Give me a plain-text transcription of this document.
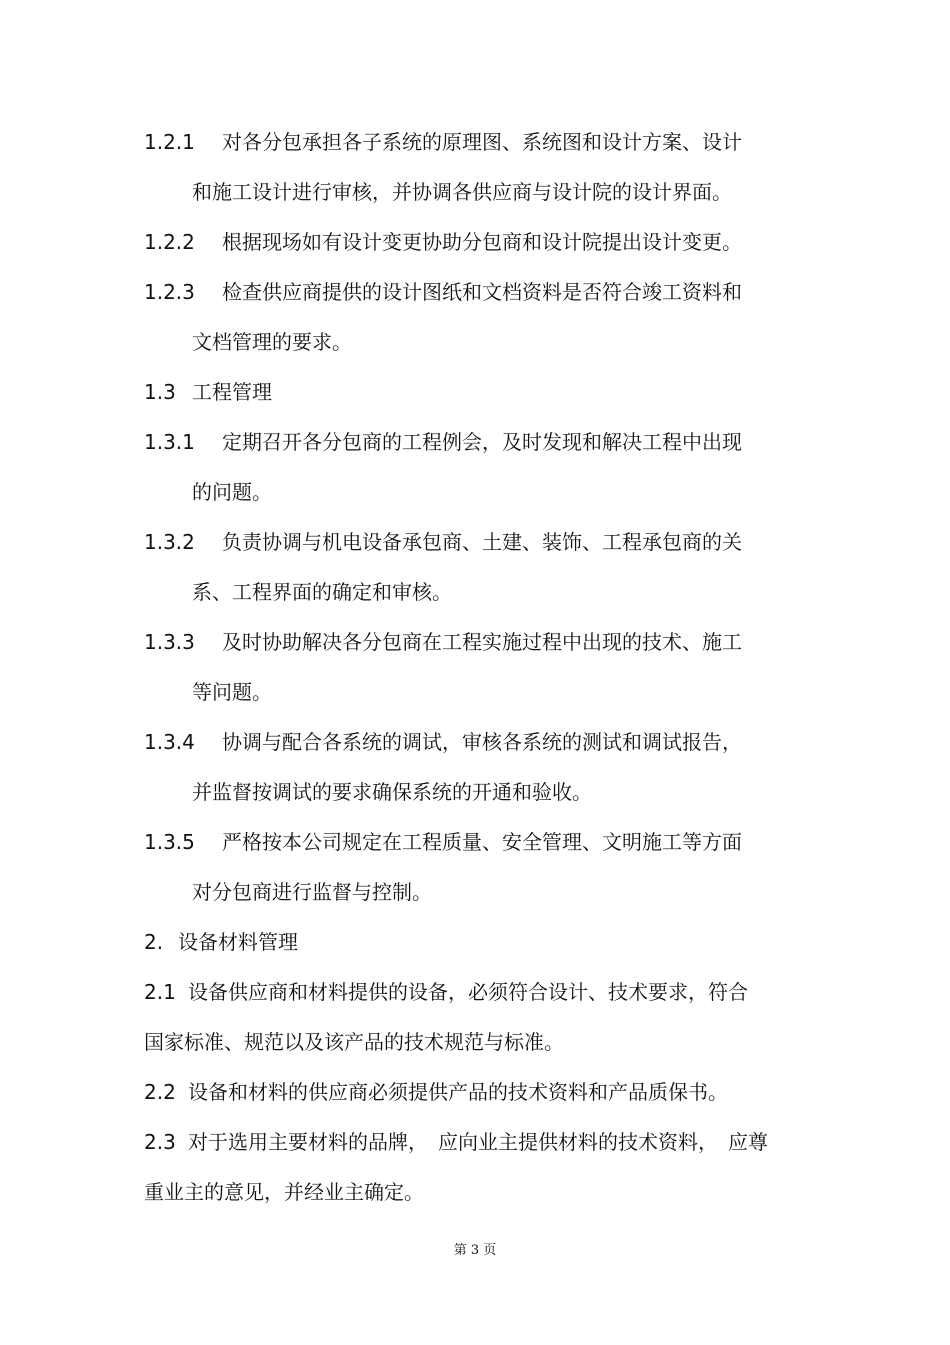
1.2.1 对各分包承担各子系统的原理图、系统图和设计方案、设计
和施工设计进行审核，并协调各供应商与设计院的设计界面。
1.2.2 根据现场如有设计变更协助分包商和设计院提出设计变更。
1.2.3 检查供应商提供的设计图纸和文档资料是否符合竣工资料和
文档管理的要求。
1.3 工程管理
1.3.1 定期召开各分包商的工程例会，及时发现和解决工程中出现
的问题。
1.3.2 负责协调与机电设备承包商、土建、装饰、工程承包商的关
系、工程界面的确定和审核。
1.3.3 及时协助解决各分包商在工程实施过程中出现的技术、施工
等问题。
1.3.4 协调与配合各系统的调试，审核各系统的测试和调试报告，
并监督按调试的要求确保系统的开通和验收。
1.3.5 严格按本公司规定在工程质量、安全管理、文明施工等方面
对分包商进行监督与控制。
2. 设备材料管理
2.1 设备供应商和材料提供的设备，必须符合设计、技术要求，符合
国家标准、规范以及该产品的技术规范与标准。
2.2 设备和材料的供应商必须提供产品的技术资料和产品质保书。
2.3 对于选用主要材料的品牌，　应向业主提供材料的技术资料，　应尊
重业主的意见，并经业主确定。
第 3 页
